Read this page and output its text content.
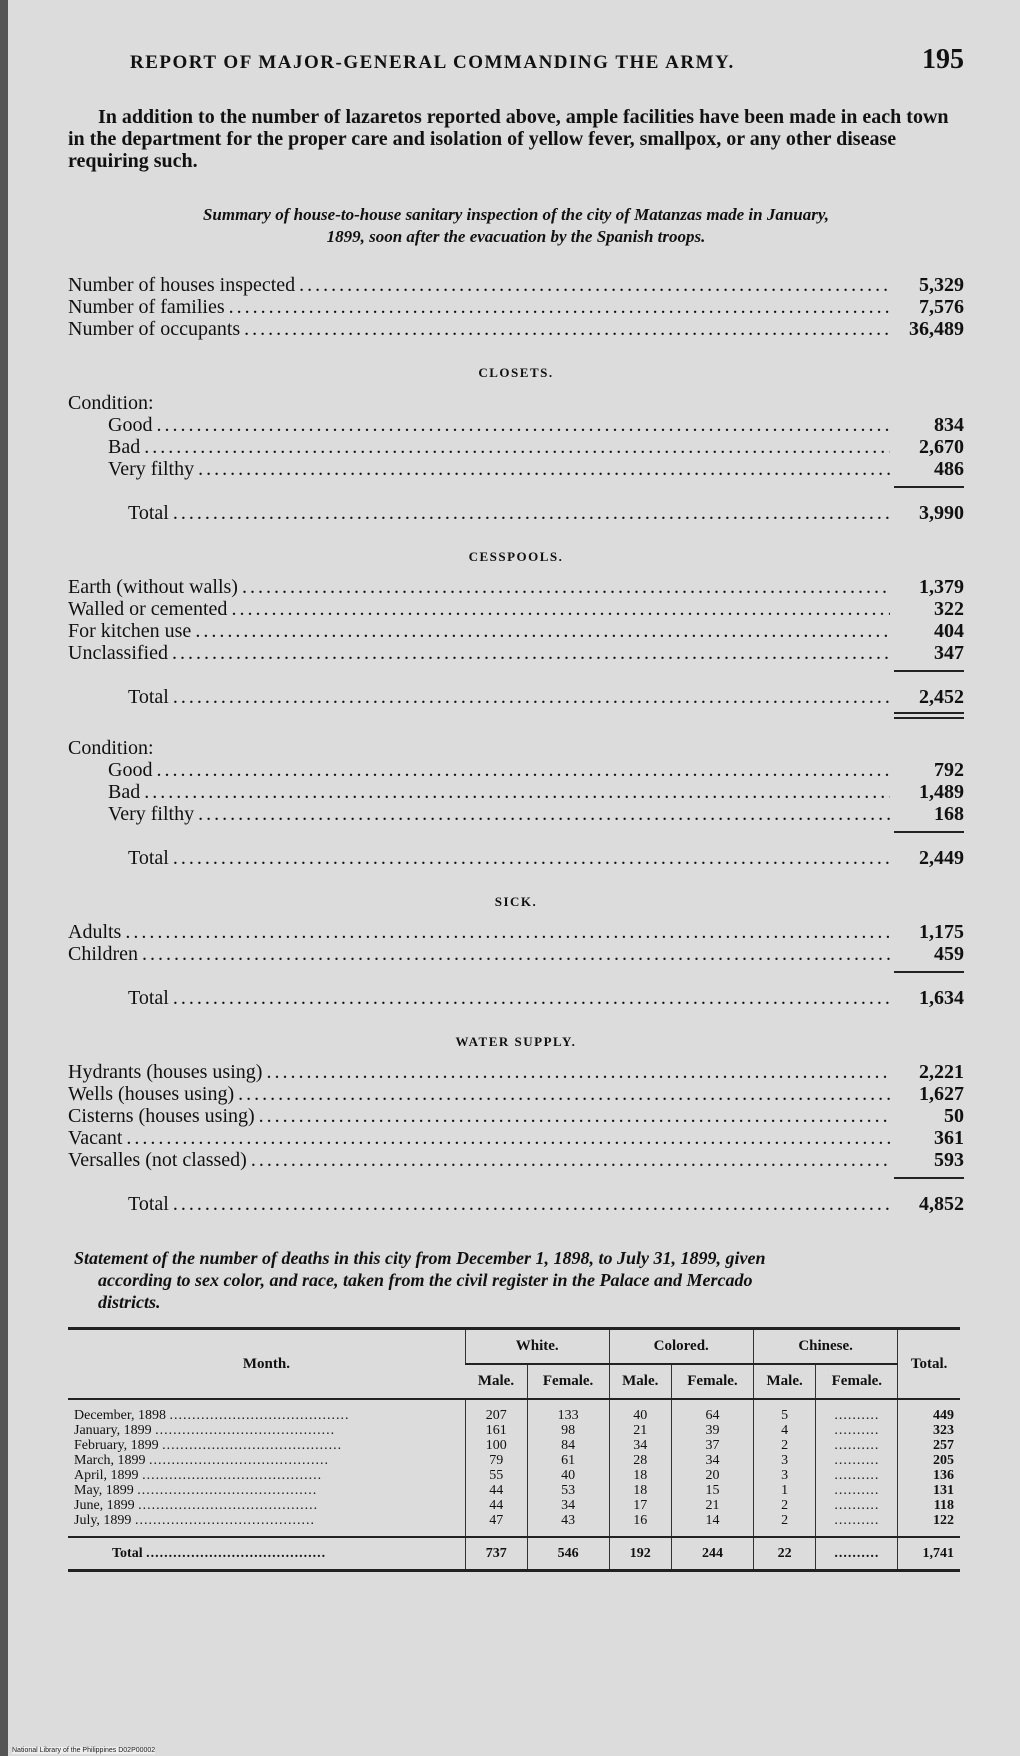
REPORT OF MAJOR-GENERAL COMMANDING THE ARMY.	195
In addition to the number of lazaretos reported above, ample facilities have been made in each town in the department for the proper care and isolation of yellow fever, smallpox, or any other disease requiring such.
Summary of house-to-house sanitary inspection of the city of Matanzas made in January,
1899, soon after the evacuation by the Spanish troops.
Number of houses inspected .....	5,329
Number of families .....	7,576
Number of occupants .....	36,489
CLOSETS.
Condition:
Good .....	834
Bad .....	2,670
Very filthy .....	486
Total .....	3,990
CESSPOOLS.
Earth (without walls) .....	1,379
Walled or cemented .....	322
For kitchen use .....	404
Unclassified .....	347
Total .....	2,452
Condition:
Good .....	792
Bad .....	1,489
Very filthy .....	168
Total .....	2,449
SICK.
Adults .....	1,175
Children .....	459
Total .....	1,634
WATER SUPPLY.
Hydrants (houses using) .....	2,221
Wells (houses using) .....	1,627
Cisterns (houses using) .....	50
Vacant .....	361
Versalles (not classed) .....	593
Total .....	4,852
Statement of the number of deaths in this city from December 1, 1898, to July 31, 1899, given
according to sex color, and race, taken from the civil register in the Palace and Mercado
districts.
Month.	White.		Colored.		Chinese.		Total.
	Male.	Female.	Male.	Female.	Male.	Female.	

December, 1898 .....	207	133	40	64	5	..........	449
January, 1899 .....	161	98	21	39	4	..........	323
February, 1899 .....	100	84	34	37	2	..........	257
March, 1899 .....	79	61	28	34	3	..........	205
April, 1899 .....	55	40	18	20	3	..........	136
May, 1899 .....	44	53	18	15	1	..........	131
June, 1899 .....	44	34	17	21	2	..........	118
July, 1899 .....	47	43	16	14	2	..........	122

Total .....	737	546	192	244	22	..........	1,741
National Library of the Philippines D02P00002
